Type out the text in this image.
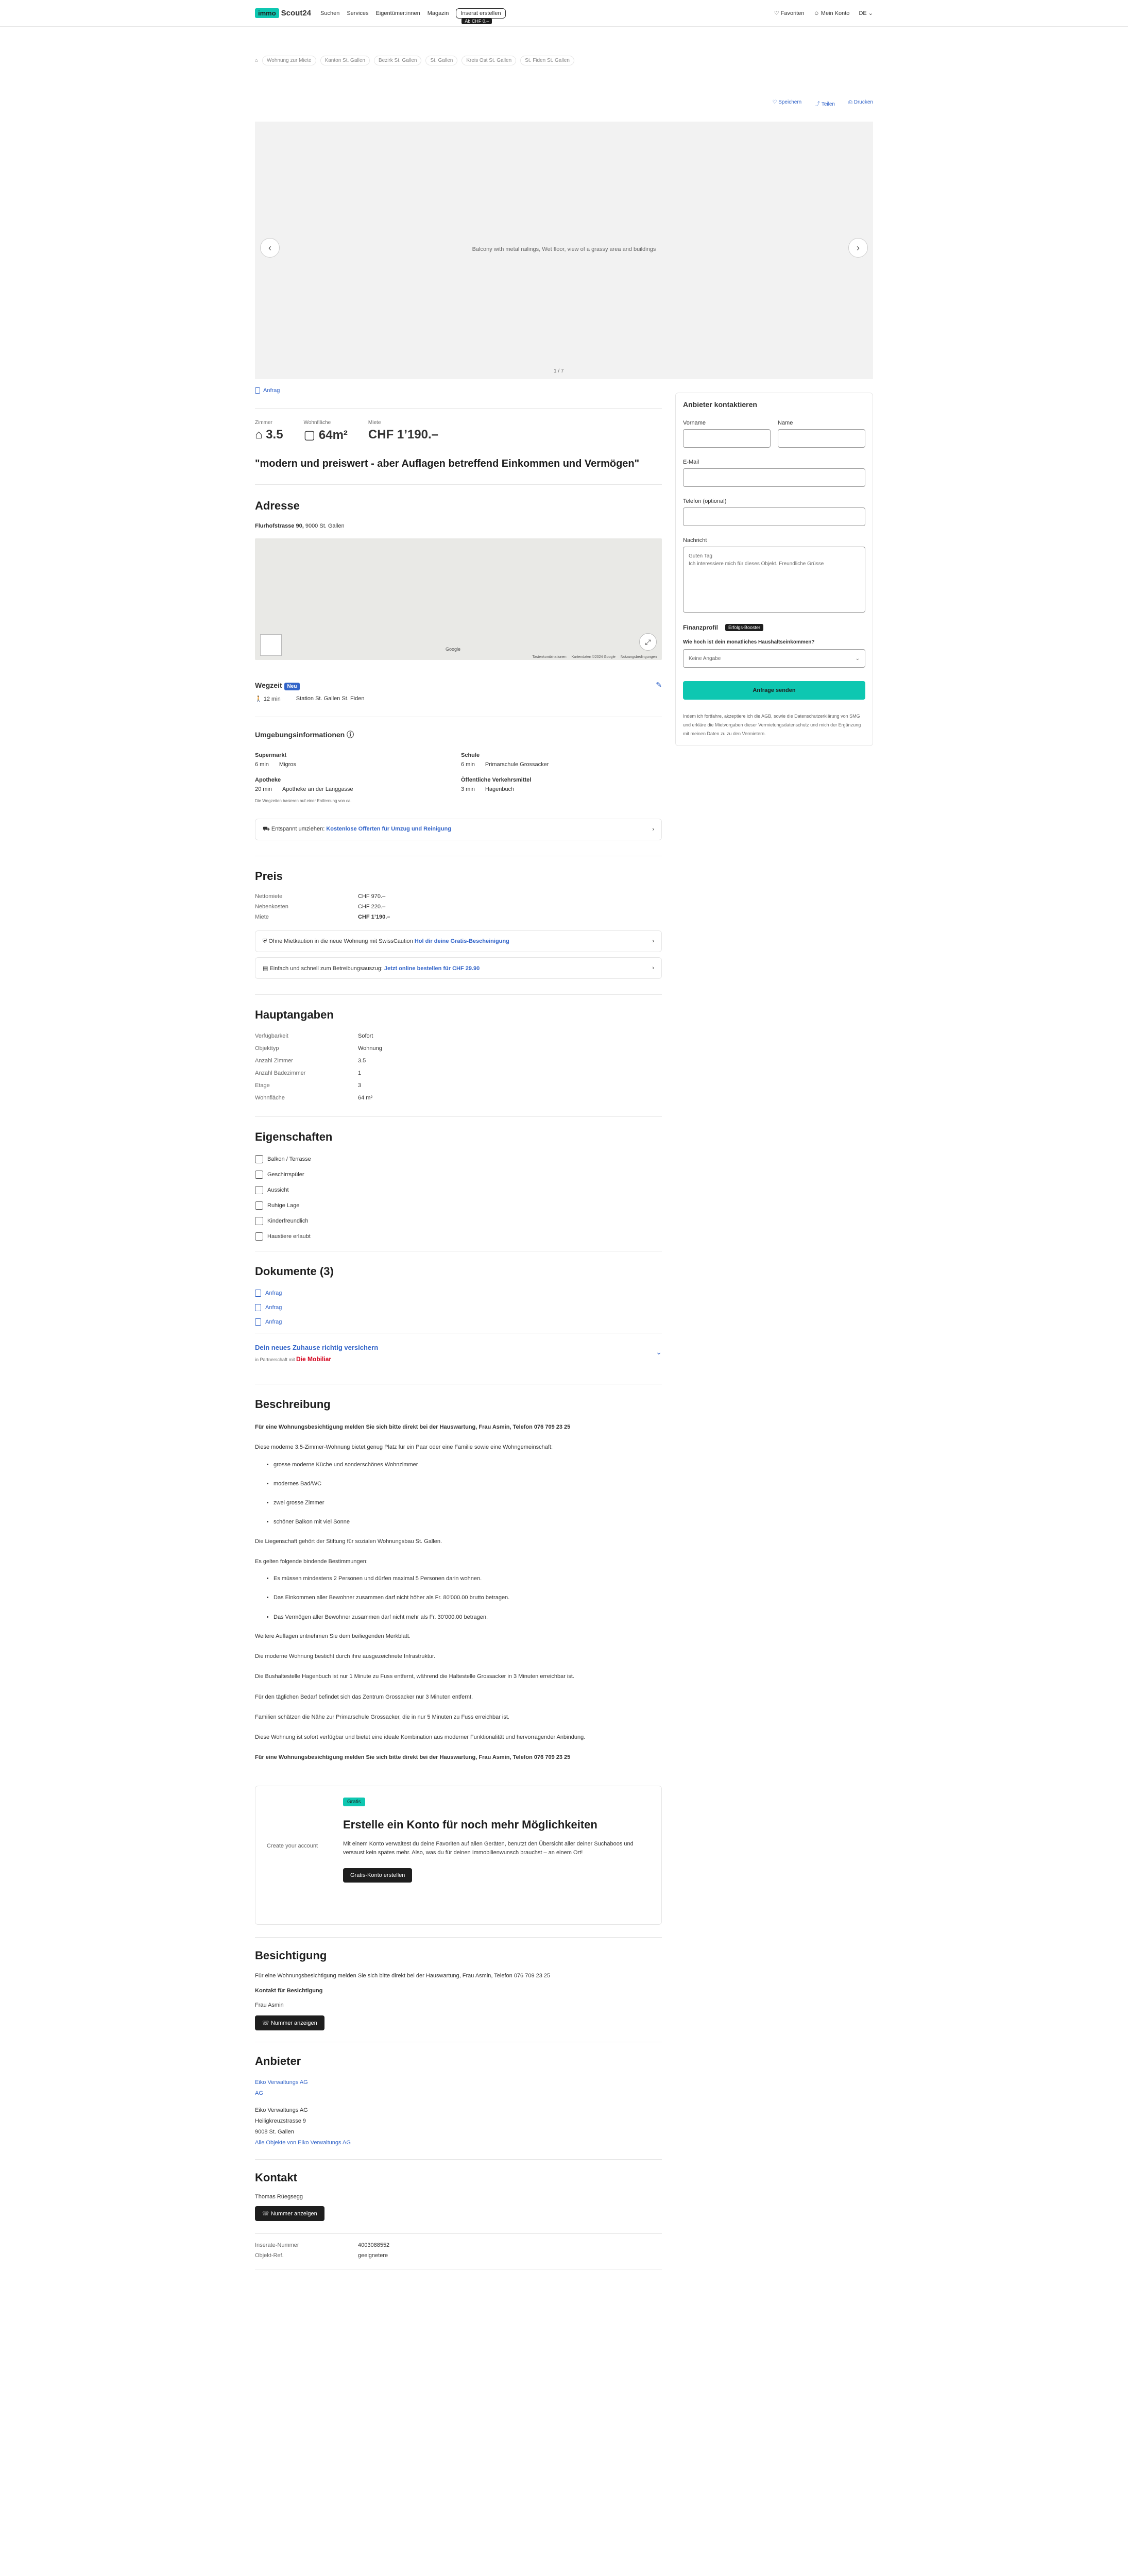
immo Scout24 Suchen Services Eigentümer:innen Magazin	Inserat erstellen
Ab CHF 0.–
♡ Favoriten ☺ Mein Konto DE ⌄
⌂	Wohnung zur Miete	Kanton St. Gallen	Bezirk St. Gallen	St. Gallen	Kreis Ost St. Gallen	St. Fiden St. Gallen
♡ Speichern	⤴ Teilen	⎙ Drucken
Balcony with metal railings, Wet floor, view of a grassy area and buildings
‹	›
1 / 7
Anfrag
Zimmer
⌂ 3.5
Wohnfläche
▢ 64m²
Miete
CHF 1’190.–
"modern und preiswert - aber Auflagen betreffend Einkommen und Vermögen"
Adresse
Flurhofstrasse 90, 9000 St. Gallen
⤢
Google
Tastenkombinationen Kartendaten ©2024 Google Nutzungsbedingungen
Wegzeit Neu	✎
🚶 12 min	Station St. Gallen St. Fiden
Umgebungsinformationen ⓘ
Supermarkt
6 min Migros
Schule
6 min Primarschule Grossacker
Apotheke
20 min Apotheke an der Langgasse
Öffentliche Verkehrsmittel
3 min Hagenbuch
Die Wegzeiten basieren auf einer Entfernung von ca.
⛟ Entspannt umziehen: Kostenlose Offerten für Umzug und Reinigung	›
Preis
Nettomiete	CHF 970.–
Nebenkosten	CHF 220.–
Miete	CHF 1’190.–
⛨ Ohne Mietkaution in die neue Wohnung mit SwissCaution Hol dir deine Gratis-Bescheinigung	›
▤ Einfach und schnell zum Betreibungsauszug: Jetzt online bestellen für CHF 29.90	›
Hauptangaben
Verfügbarkeit	Sofort
Objekttyp	Wohnung
Anzahl Zimmer	3.5
Anzahl Badezimmer	1
Etage	3
Wohnfläche	64 m²
Eigenschaften
Balkon / Terrasse
Geschirrspüler
Aussicht
Ruhige Lage
Kinderfreundlich
Haustiere erlaubt
Dokumente (3)
Anfrag
Anfrag
Anfrag
Dein neues Zuhause richtig versichern
in Partnerschaft mit Die Mobiliar
⌄
Beschreibung

Für eine Wohnungsbesichtigung melden Sie sich bitte direkt bei der Hauswartung, Frau Asmin, Telefon 076 709 23 25

Diese moderne 3.5-Zimmer-Wohnung bietet genug Platz für ein Paar oder eine Familie sowie eine Wohngemeinschaft:

• grosse moderne Küche und sonderschönes Wohnzimmer
• modernes Bad/WC
• zwei grosse Zimmer
• schöner Balkon mit viel Sonne

Die Liegenschaft gehört der Stiftung für sozialen Wohnungsbau St. Gallen.

Es gelten folgende bindende Bestimmungen:

• Es müssen mindestens 2 Personen und dürfen maximal 5 Personen darin wohnen.
• Das Einkommen aller Bewohner zusammen darf nicht höher als Fr. 80'000.00 brutto betragen.
• Das Vermögen aller Bewohner zusammen darf nicht mehr als Fr. 30'000.00 betragen.

Weitere Auflagen entnehmen Sie dem beiliegenden Merkblatt.

Die moderne Wohnung besticht durch ihre ausgezeichnete Infrastruktur.

Die Bushaltestelle Hagenbuch ist nur 1 Minute zu Fuss entfernt, während die Haltestelle Grossacker in 3 Minuten erreichbar ist.

Für den täglichen Bedarf befindet sich das Zentrum Grossacker nur 3 Minuten entfernt.

Familien schätzen die Nähe zur Primarschule Grossacker, die in nur 5 Minuten zu Fuss erreichbar ist.

Diese Wohnung ist sofort verfügbar und bietet eine ideale Kombination aus moderner Funktionalität und hervorragender Anbindung.

Für eine Wohnungsbesichtigung melden Sie sich bitte direkt bei der Hauswartung, Frau Asmin, Telefon 076 709 23 25

Create your account
Gratis
Erstelle ein Konto für noch mehr Möglichkeiten
Mit einem Konto verwaltest du deine Favoriten auf allen Geräten, benutzt den Übersicht aller deiner Suchaboos und versaust kein spätes mehr. Also, was du für deinen Immobilienwunsch brauchst – an einem Ort!
Gratis-Konto erstellen
Besichtigung
Für eine Wohnungsbesichtigung melden Sie sich bitte direkt bei der Hauswartung, Frau Asmin, Telefon 076 709 23 25
Kontakt für Besichtigung
Frau Asmin
☏ Nummer anzeigen
Anbieter
Eiko Verwaltungs AG
AG
Eiko Verwaltungs AG
Heiligkreuzstrasse 9
9008 St. Gallen
Alle Objekte von Eiko Verwaltungs AG
Kontakt
Thomas Rüegsegg
☏ Nummer anzeigen
Inserate-Nummer	4003088552
Objekt-Ref.	geeignetere
Anbieter kontaktieren
Vorname	Name
E-Mail
Telefon (optional)
Nachricht
Guten Tag
Ich interessiere mich für dieses Objekt. Freundliche Grüsse
Finanzprofil	Erfolgs-Booster
Wie hoch ist dein monatliches Haushaltseinkommen?
Keine Angabe	⌄
Anfrage senden
Indem ich fortfahre, akzeptiere ich die AGB, sowie die Datenschutzerklärung von SMG und erkläre die Mietvorgaben dieser Vermietungsdatenschutz und mich der Ergänzung mit meinen Daten zu zu den Vermietern.
